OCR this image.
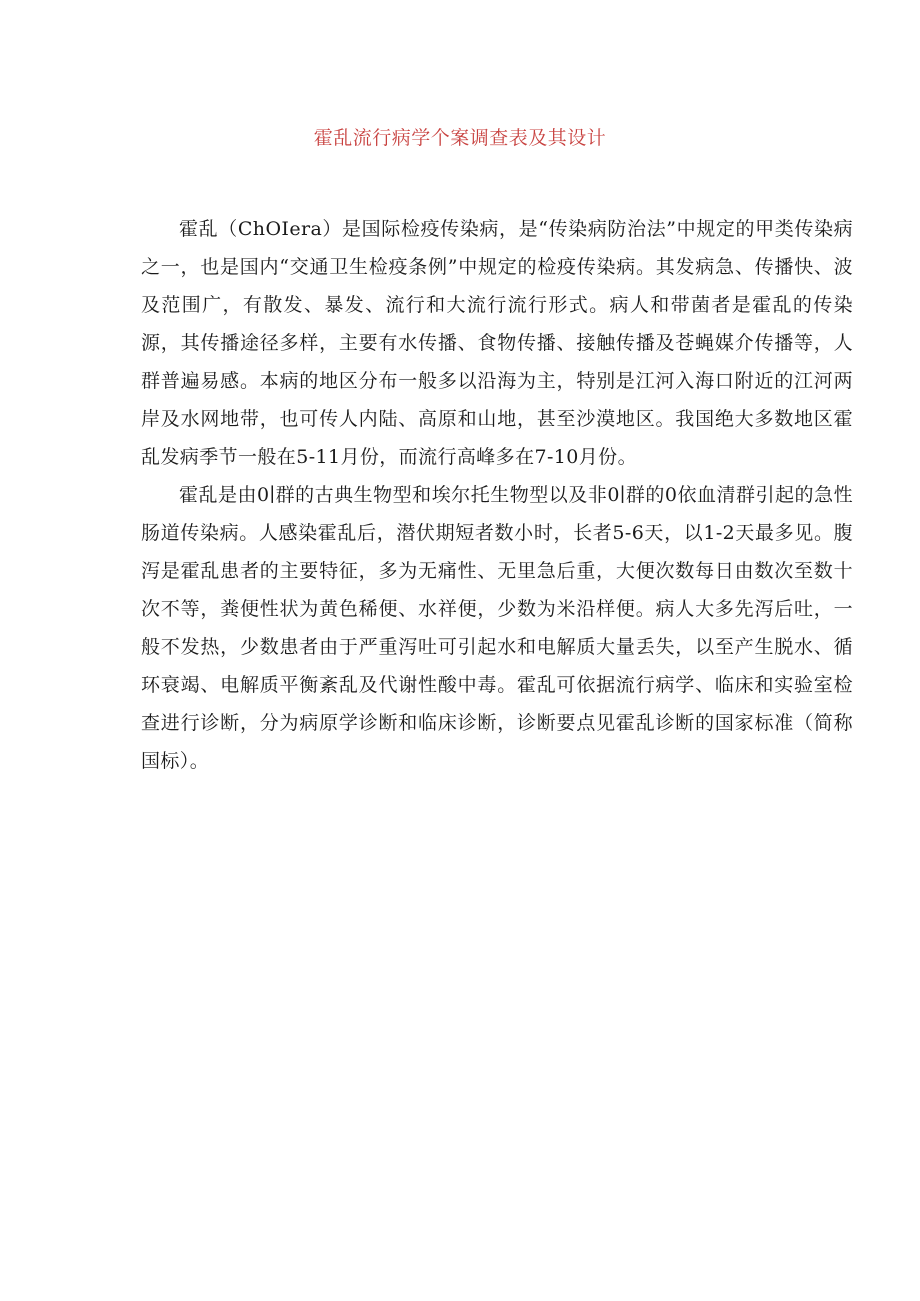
霍乱流行病学个案调查表及其设计

霍乱（ChOIera）是国际检疫传染病，是“传染病防治法”中规定的甲类传染病之一，也是国内“交通卫生检疫条例”中规定的检疫传染病。其发病急、传播快、波及范围广，有散发、暴发、流行和大流行流行形式。病人和带菌者是霍乱的传染源，其传播途径多样，主要有水传播、食物传播、接触传播及苍蝇媒介传播等，人群普遍易感。本病的地区分布一般多以沿海为主，特别是江河入海口附近的江河两岸及水网地带，也可传人内陆、高原和山地，甚至沙漠地区。我国绝大多数地区霍乱发病季节一般在5-11月份，而流行高峰多在7-10月份。

霍乱是由0∣群的古典生物型和埃尔托生物型以及非0∣群的0依血清群引起的急性肠道传染病。人感染霍乱后，潜伏期短者数小时，长者5-6天，以1-2天最多见。腹泻是霍乱患者的主要特征，多为无痛性、无里急后重，大便次数每日由数次至数十次不等，粪便性状为黄色稀便、水祥便，少数为米沿样便。病人大多先泻后吐，一般不发热，少数患者由于严重泻吐可引起水和电解质大量丢失，以至产生脱水、循环衰竭、电解质平衡紊乱及代谢性酸中毒。霍乱可依据流行病学、临床和实验室检查进行诊断，分为病原学诊断和临床诊断，诊断要点见霍乱诊断的国家标准（简称国标）。
